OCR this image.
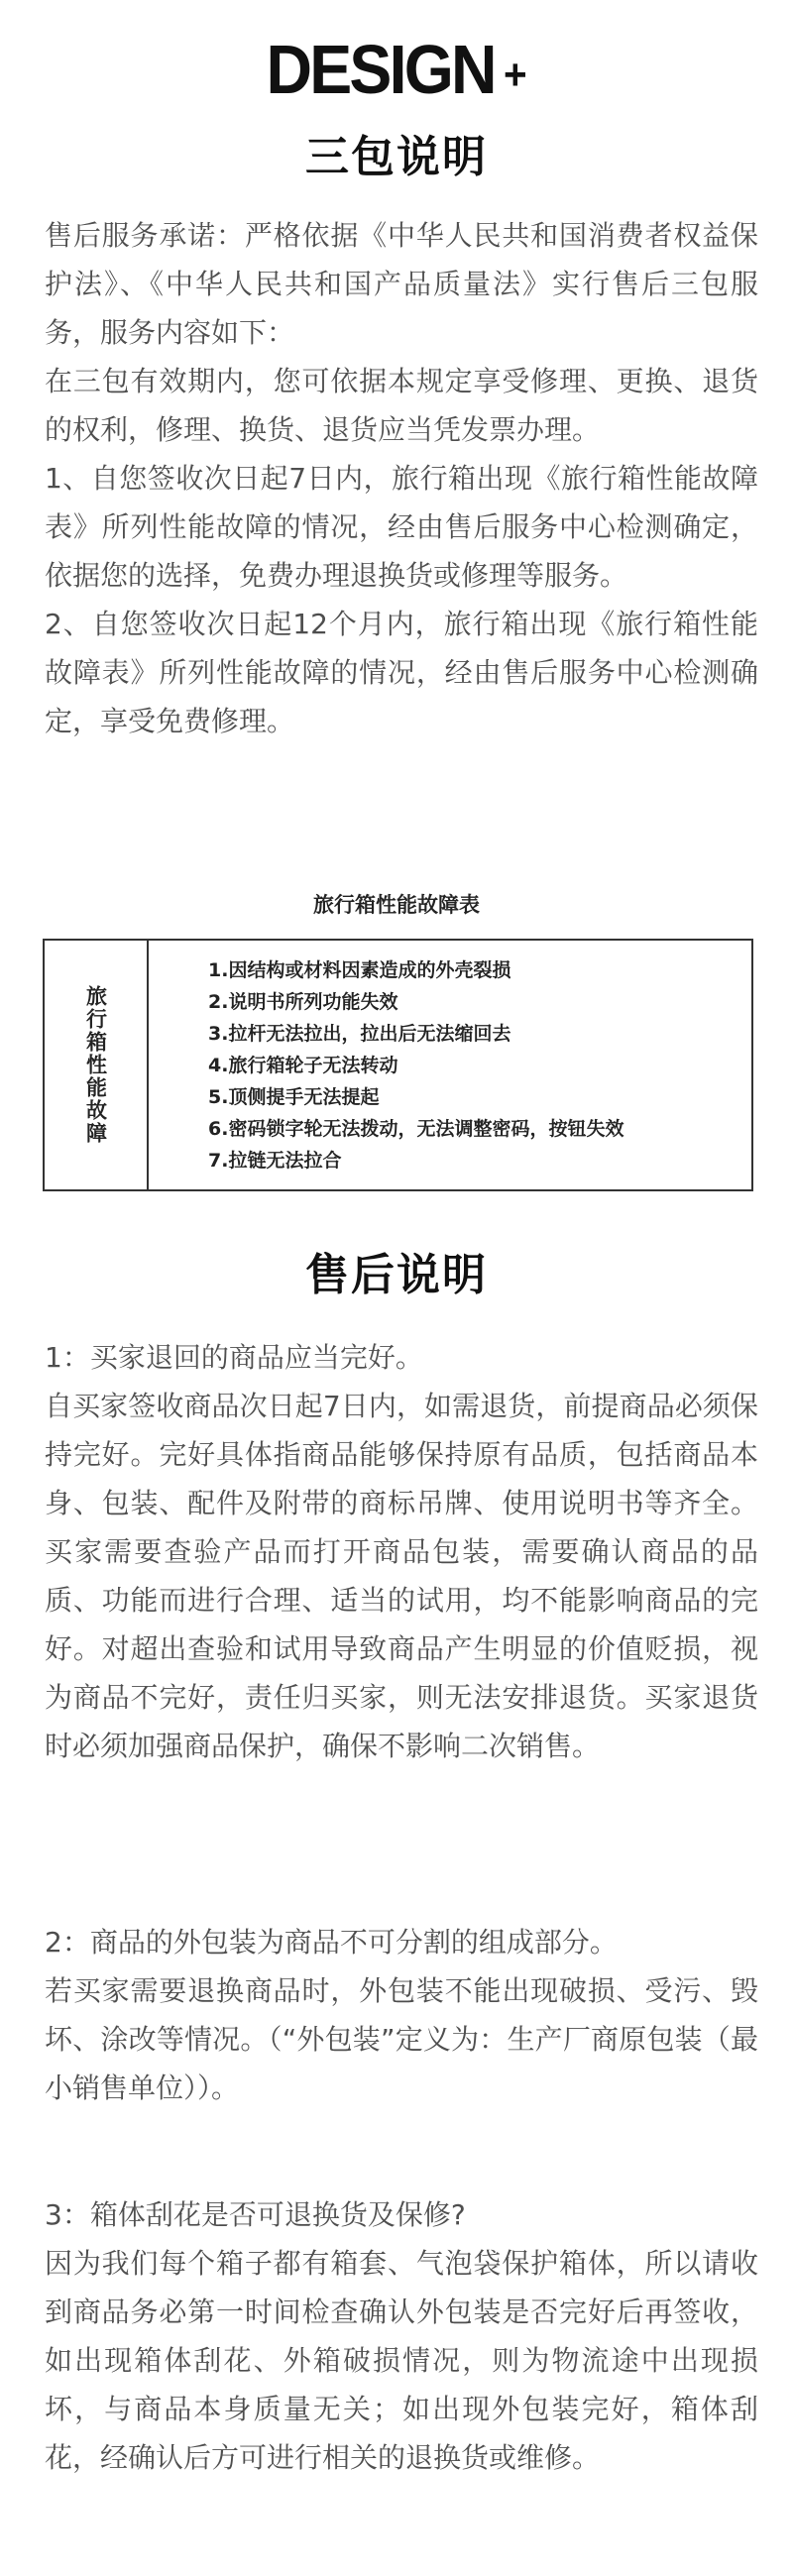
DESIGN +
三包说明
售后服务承诺：严格依据《中华人民共和国消费者权益保护法》、《中华人民共和国产品质量法》实行售后三包服务，服务内容如下：
在三包有效期内，您可依据本规定享受修理、更换、退货的权利，修理、换货、退货应当凭发票办理。
1、自您签收次日起7日内，旅行箱出现《旅行箱性能故障表》所列性能故障的情况，经由售后服务中心检测确定，依据您的选择，免费办理退换货或修理等服务。
2、自您签收次日起12个月内，旅行箱出现《旅行箱性能故障表》所列性能故障的情况，经由售后服务中心检测确定，享受免费修理。
旅行箱性能故障表
旅行箱性能故障
1.因结构或材料因素造成的外壳裂损
2.说明书所列功能失效
3.拉杆无法拉出，拉出后无法缩回去
4.旅行箱轮子无法转动
5.顶侧提手无法提起
6.密码锁字轮无法拨动，无法调整密码，按钮失效
7.拉链无法拉合
售后说明
1：买家退回的商品应当完好。
自买家签收商品次日起7日内，如需退货，前提商品必须保持完好。完好具体指商品能够保持原有品质，包括商品本身、包装、配件及附带的商标吊牌、使用说明书等齐全。买家需要查验产品而打开商品包装，需要确认商品的品质、功能而进行合理、适当的试用，均不能影响商品的完好。对超出查验和试用导致商品产生明显的价值贬损，视为商品不完好，责任归买家，则无法安排退货。买家退货时必须加强商品保护，确保不影响二次销售。
2：商品的外包装为商品不可分割的组成部分。
若买家需要退换商品时，外包装不能出现破损、受污、毁坏、涂改等情况。（“外包装”定义为：生产厂商原包装（最小销售单位））。
3：箱体刮花是否可退换货及保修?
因为我们每个箱子都有箱套、气泡袋保护箱体，所以请收到商品务必第一时间检查确认外包装是否完好后再签收，如出现箱体刮花、外箱破损情况，则为物流途中出现损坏，与商品本身质量无关；如出现外包装完好，箱体刮花，经确认后方可进行相关的退换货或维修。
